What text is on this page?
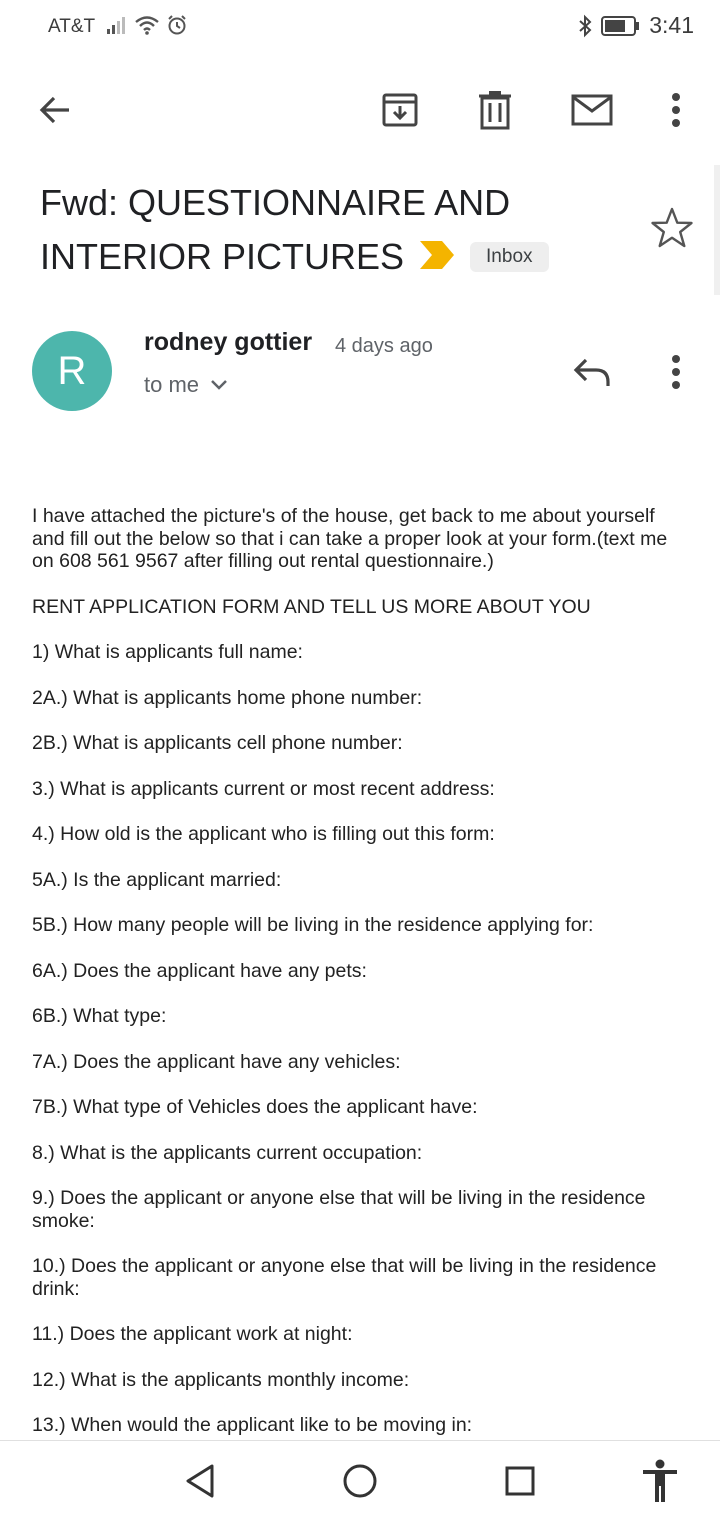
AT&T	3:41
Fwd: QUESTIONNAIRE AND
INTERIOR PICTURES	Inbox
R
rodney gottier 4 days ago
to me

I have attached the picture's of the house, get back to me about yourself and fill out the below so that i can take a proper look at your form.(text me on 608 561 9567 after filling out rental questionnaire.)

RENT APPLICATION FORM AND TELL US MORE ABOUT YOU

1) What is applicants full name:

2A.) What is applicants home phone number:

2B.) What is applicants cell phone number:

3.) What is applicants current or most recent address:

4.) How old is the applicant who is filling out this form:

5A.) Is the applicant married:

5B.) How many people will be living in the residence applying for:

6A.) Does the applicant have any pets:

6B.) What type:

7A.) Does the applicant have any vehicles:

7B.) What type of Vehicles does the applicant have:

8.) What is the applicants current occupation:

9.) Does the applicant or anyone else that will be living in the residence smoke:

10.) Does the applicant or anyone else that will be living in the residence drink:

11.) Does the applicant work at night:

12.) What is the applicants monthly income:

13.) When would the applicant like to be moving in:
